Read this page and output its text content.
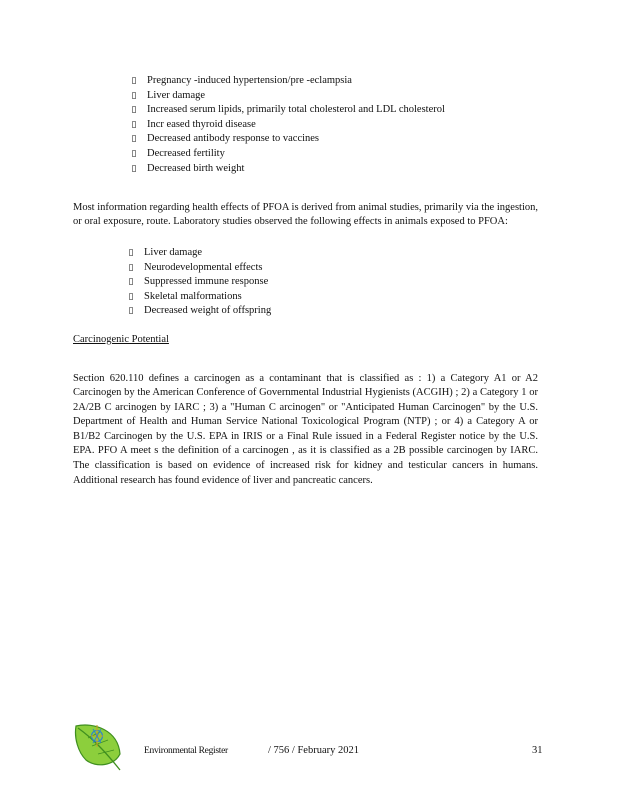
▯ Pregnancy -induced hypertension/pre -eclampsia
▯ Liver damage
▯ Increased serum lipids, primarily total cholesterol and LDL cholesterol
▯ Incr eased thyroid disease
▯ Decreased antibody response to vaccines
▯ Decreased fertility
▯ Decreased birth weight

Most information regarding health effects of PFOA is derived from animal studies, primarily via the ingestion, or oral exposure, route. Laboratory studies observed the following effects in animals exposed to PFOA:

▯ Liver damage
▯ Neurodevelopmental effects
▯ Suppressed immune response
▯ Skeletal malformations
▯ Decreased weight of offspring
Carcinogenic Potential

Section 620.110 defines a carcinogen as a contaminant that is classified as : 1) a Category A1 or A2 Carcinogen by the American Conference of Governmental Industrial Hygienists (ACGIH) ; 2) a Category 1 or 2A/2B C arcinogen by IARC ; 3) a "Human C arcinogen" or "Anticipated Human Carcinogen" by the U.S. Department of Health and Human Service National Toxicological Program (NTP) ; or 4) a Category A or B1/B2 Carcinogen by the U.S. EPA in IRIS or a Final Rule issued in a Federal Register notice by the U.S. EPA. PFO A meet s the definition of a carcinogen , as it is classified as a 2B possible carcinogen by IARC. The classification is based on evidence of increased risk for kidney and testicular cancers in humans. Additional research has found evidence of liver and pancreatic cancers.

Environmental Register	/ 756 / February 2021	31
